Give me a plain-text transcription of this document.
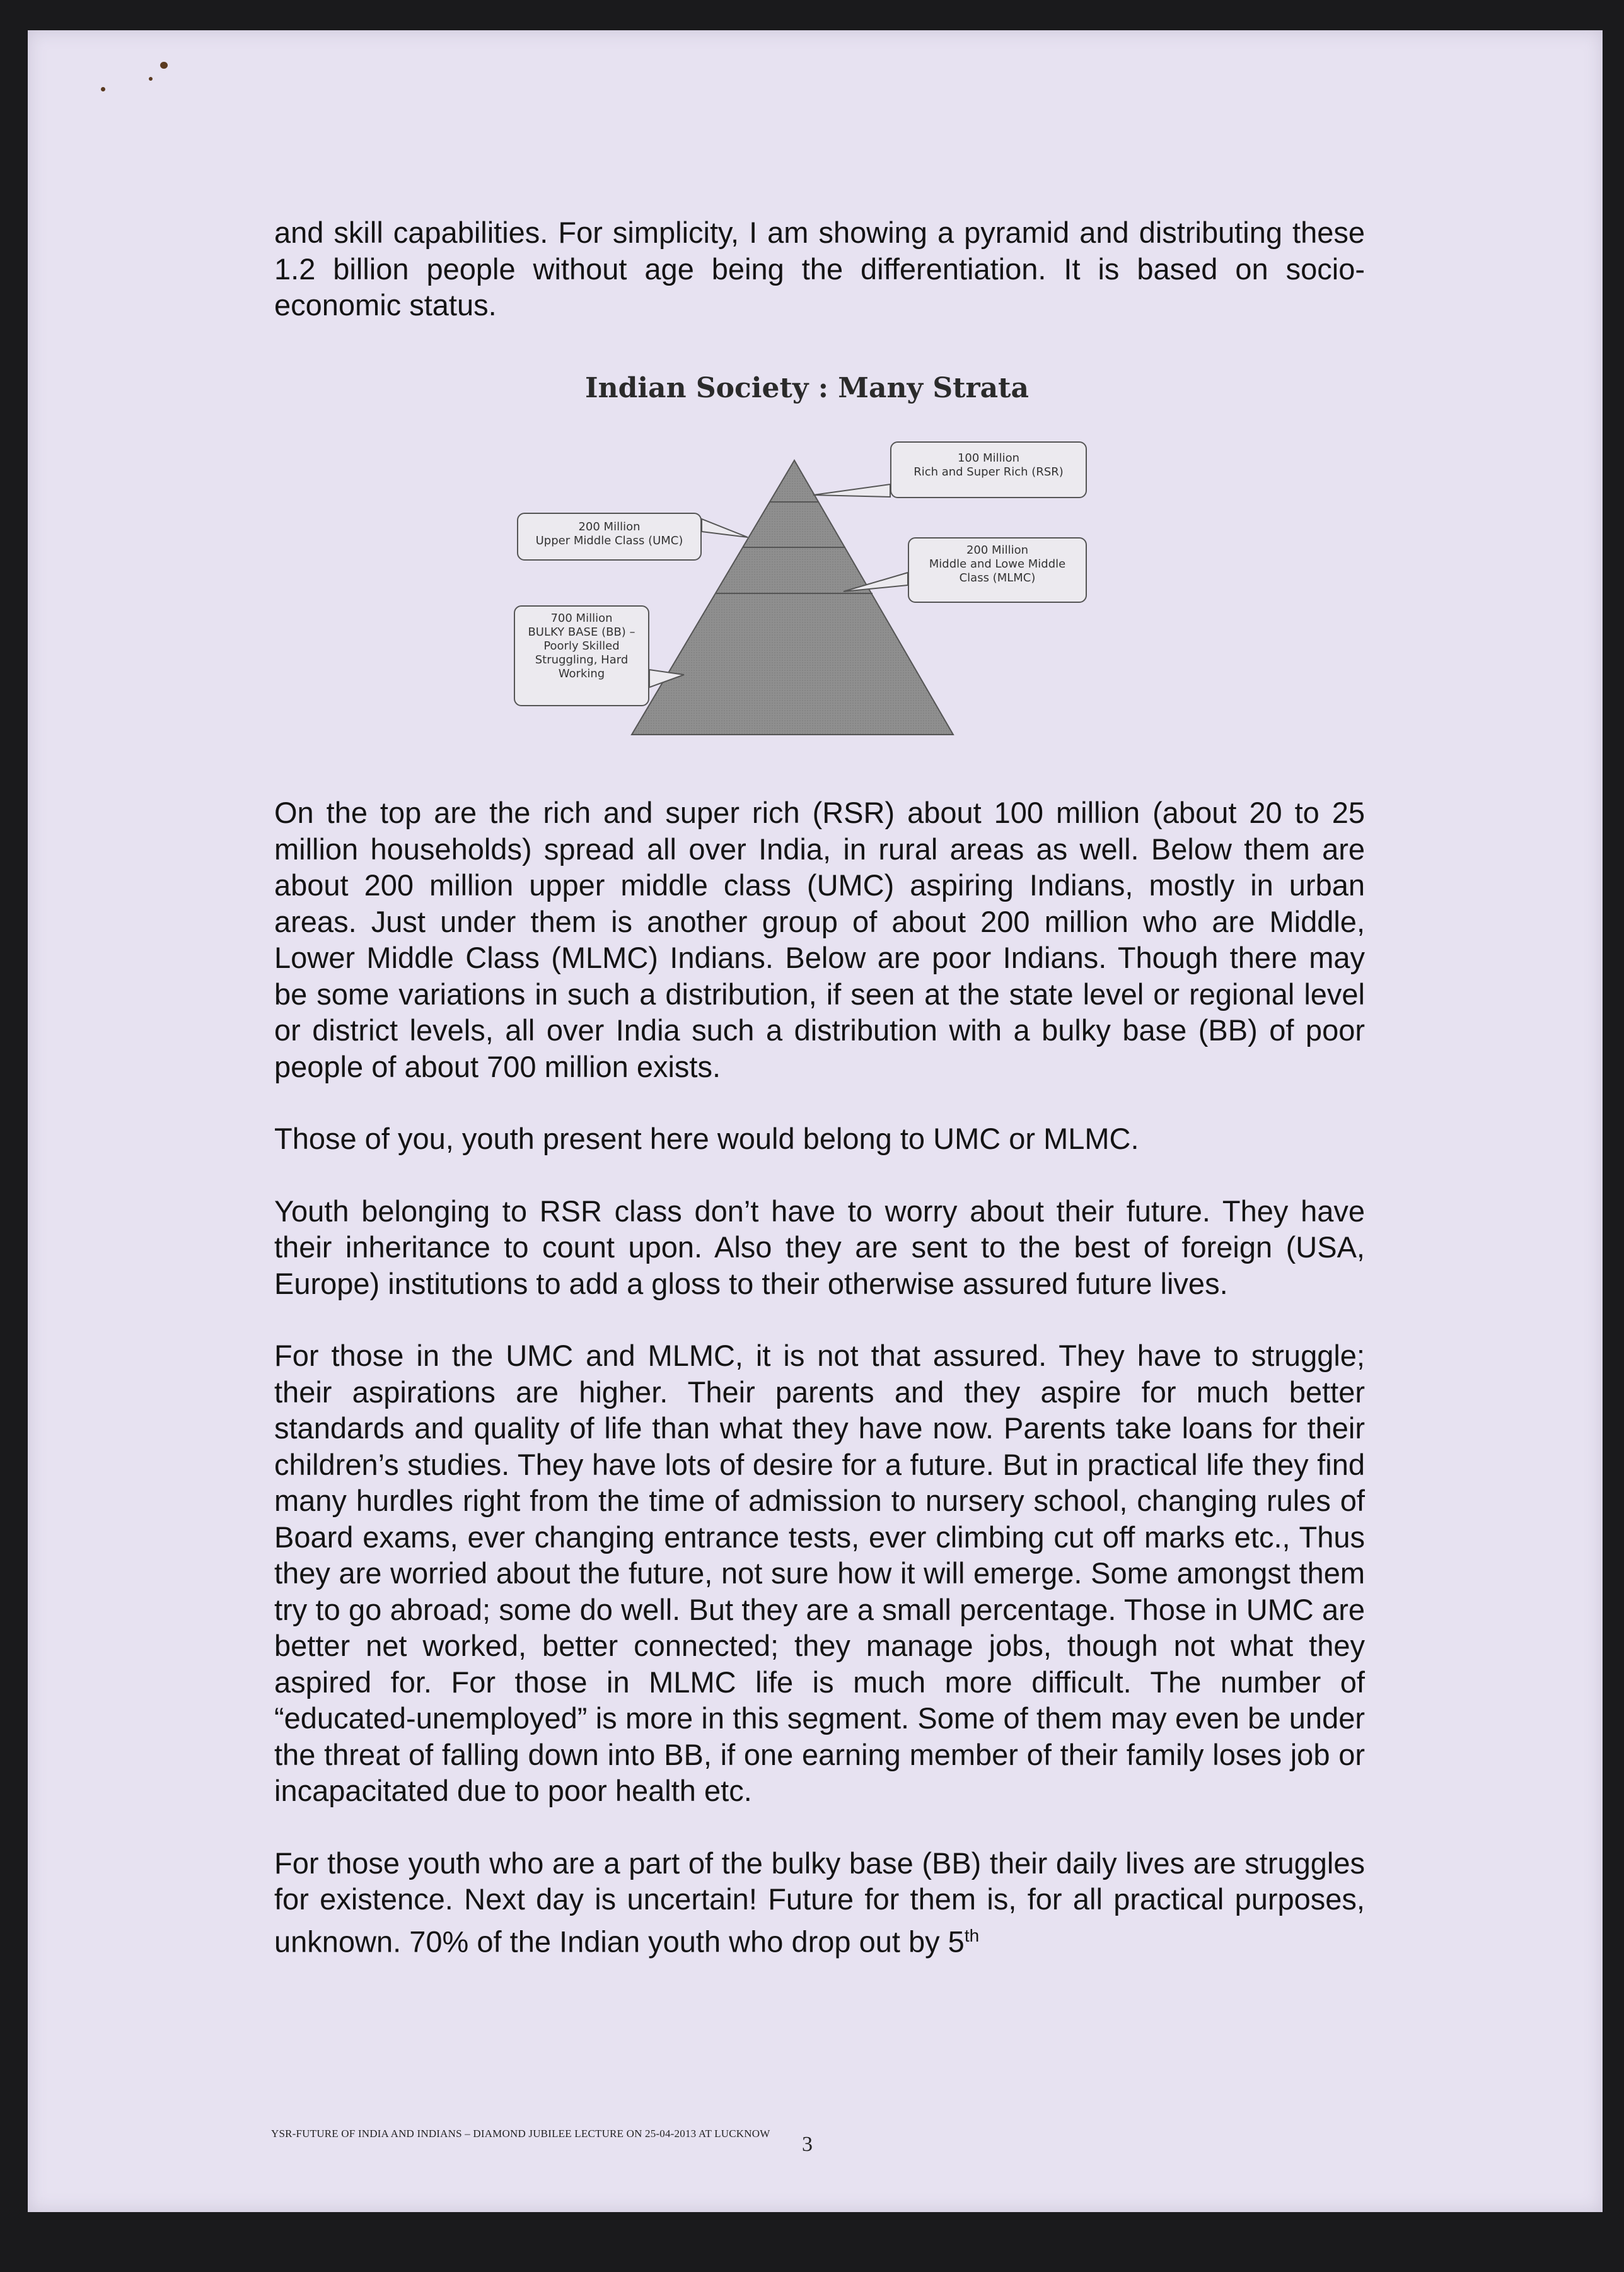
and skill capabilities. For simplicity, I am showing a pyramid and distributing these 1.2 billion people without age being the differentiation. It is based on socio-economic status.

Indian Society : Many Strata
100 Million
Rich and Super Rich (RSR)
200 Million
Upper Middle Class (UMC)
200 Million
Middle and Lowe Middle
Class (MLMC)
700 Million
BULKY BASE (BB) –
Poorly Skilled
Struggling, Hard
Working

On the top are the rich and super rich (RSR) about 100 million (about 20 to 25 million households) spread all over India, in rural areas as well. Below them are about 200 million upper middle class (UMC) aspiring Indians, mostly in urban areas. Just under them is another group of about 200 million who are Middle, Lower Middle Class (MLMC) Indians. Below are poor Indians. Though there may be some variations in such a distribution, if seen at the state level or regional level or district levels, all over India such a distribution with a bulky base (BB) of poor people of about 700 million exists.

Those of you, youth present here would belong to UMC or MLMC.

Youth belonging to RSR class don’t have to worry about their future. They have their inheritance to count upon. Also they are sent to the best of foreign (USA, Europe) institutions to add a gloss to their otherwise assured future lives.

For those in the UMC and MLMC, it is not that assured. They have to struggle; their aspirations are higher. Their parents and they aspire for much better standards and quality of life than what they have now. Parents take loans for their children’s studies. They have lots of desire for a future. But in practical life they find many hurdles right from the time of admission to nursery school, changing rules of Board exams, ever changing entrance tests, ever climbing cut off marks etc., Thus they are worried about the future, not sure how it will emerge. Some amongst them try to go abroad; some do well. But they are a small percentage. Those in UMC are better net worked, better connected; they manage jobs, though not what they aspired for. For those in MLMC life is much more difficult. The number of “educated-unemployed” is more in this segment. Some of them may even be under the threat of falling down into BB, if one earning member of their family loses job or incapacitated due to poor health etc.

For those youth who are a part of the bulky base (BB) their daily lives are struggles for existence. Next day is uncertain! Future for them is, for all practical purposes, unknown. 70% of the Indian youth who drop out by 5th

YSR-FUTURE OF INDIA AND INDIANS – DIAMOND JUBILEE LECTURE ON 25-04-2013 AT LUCKNOW 3
